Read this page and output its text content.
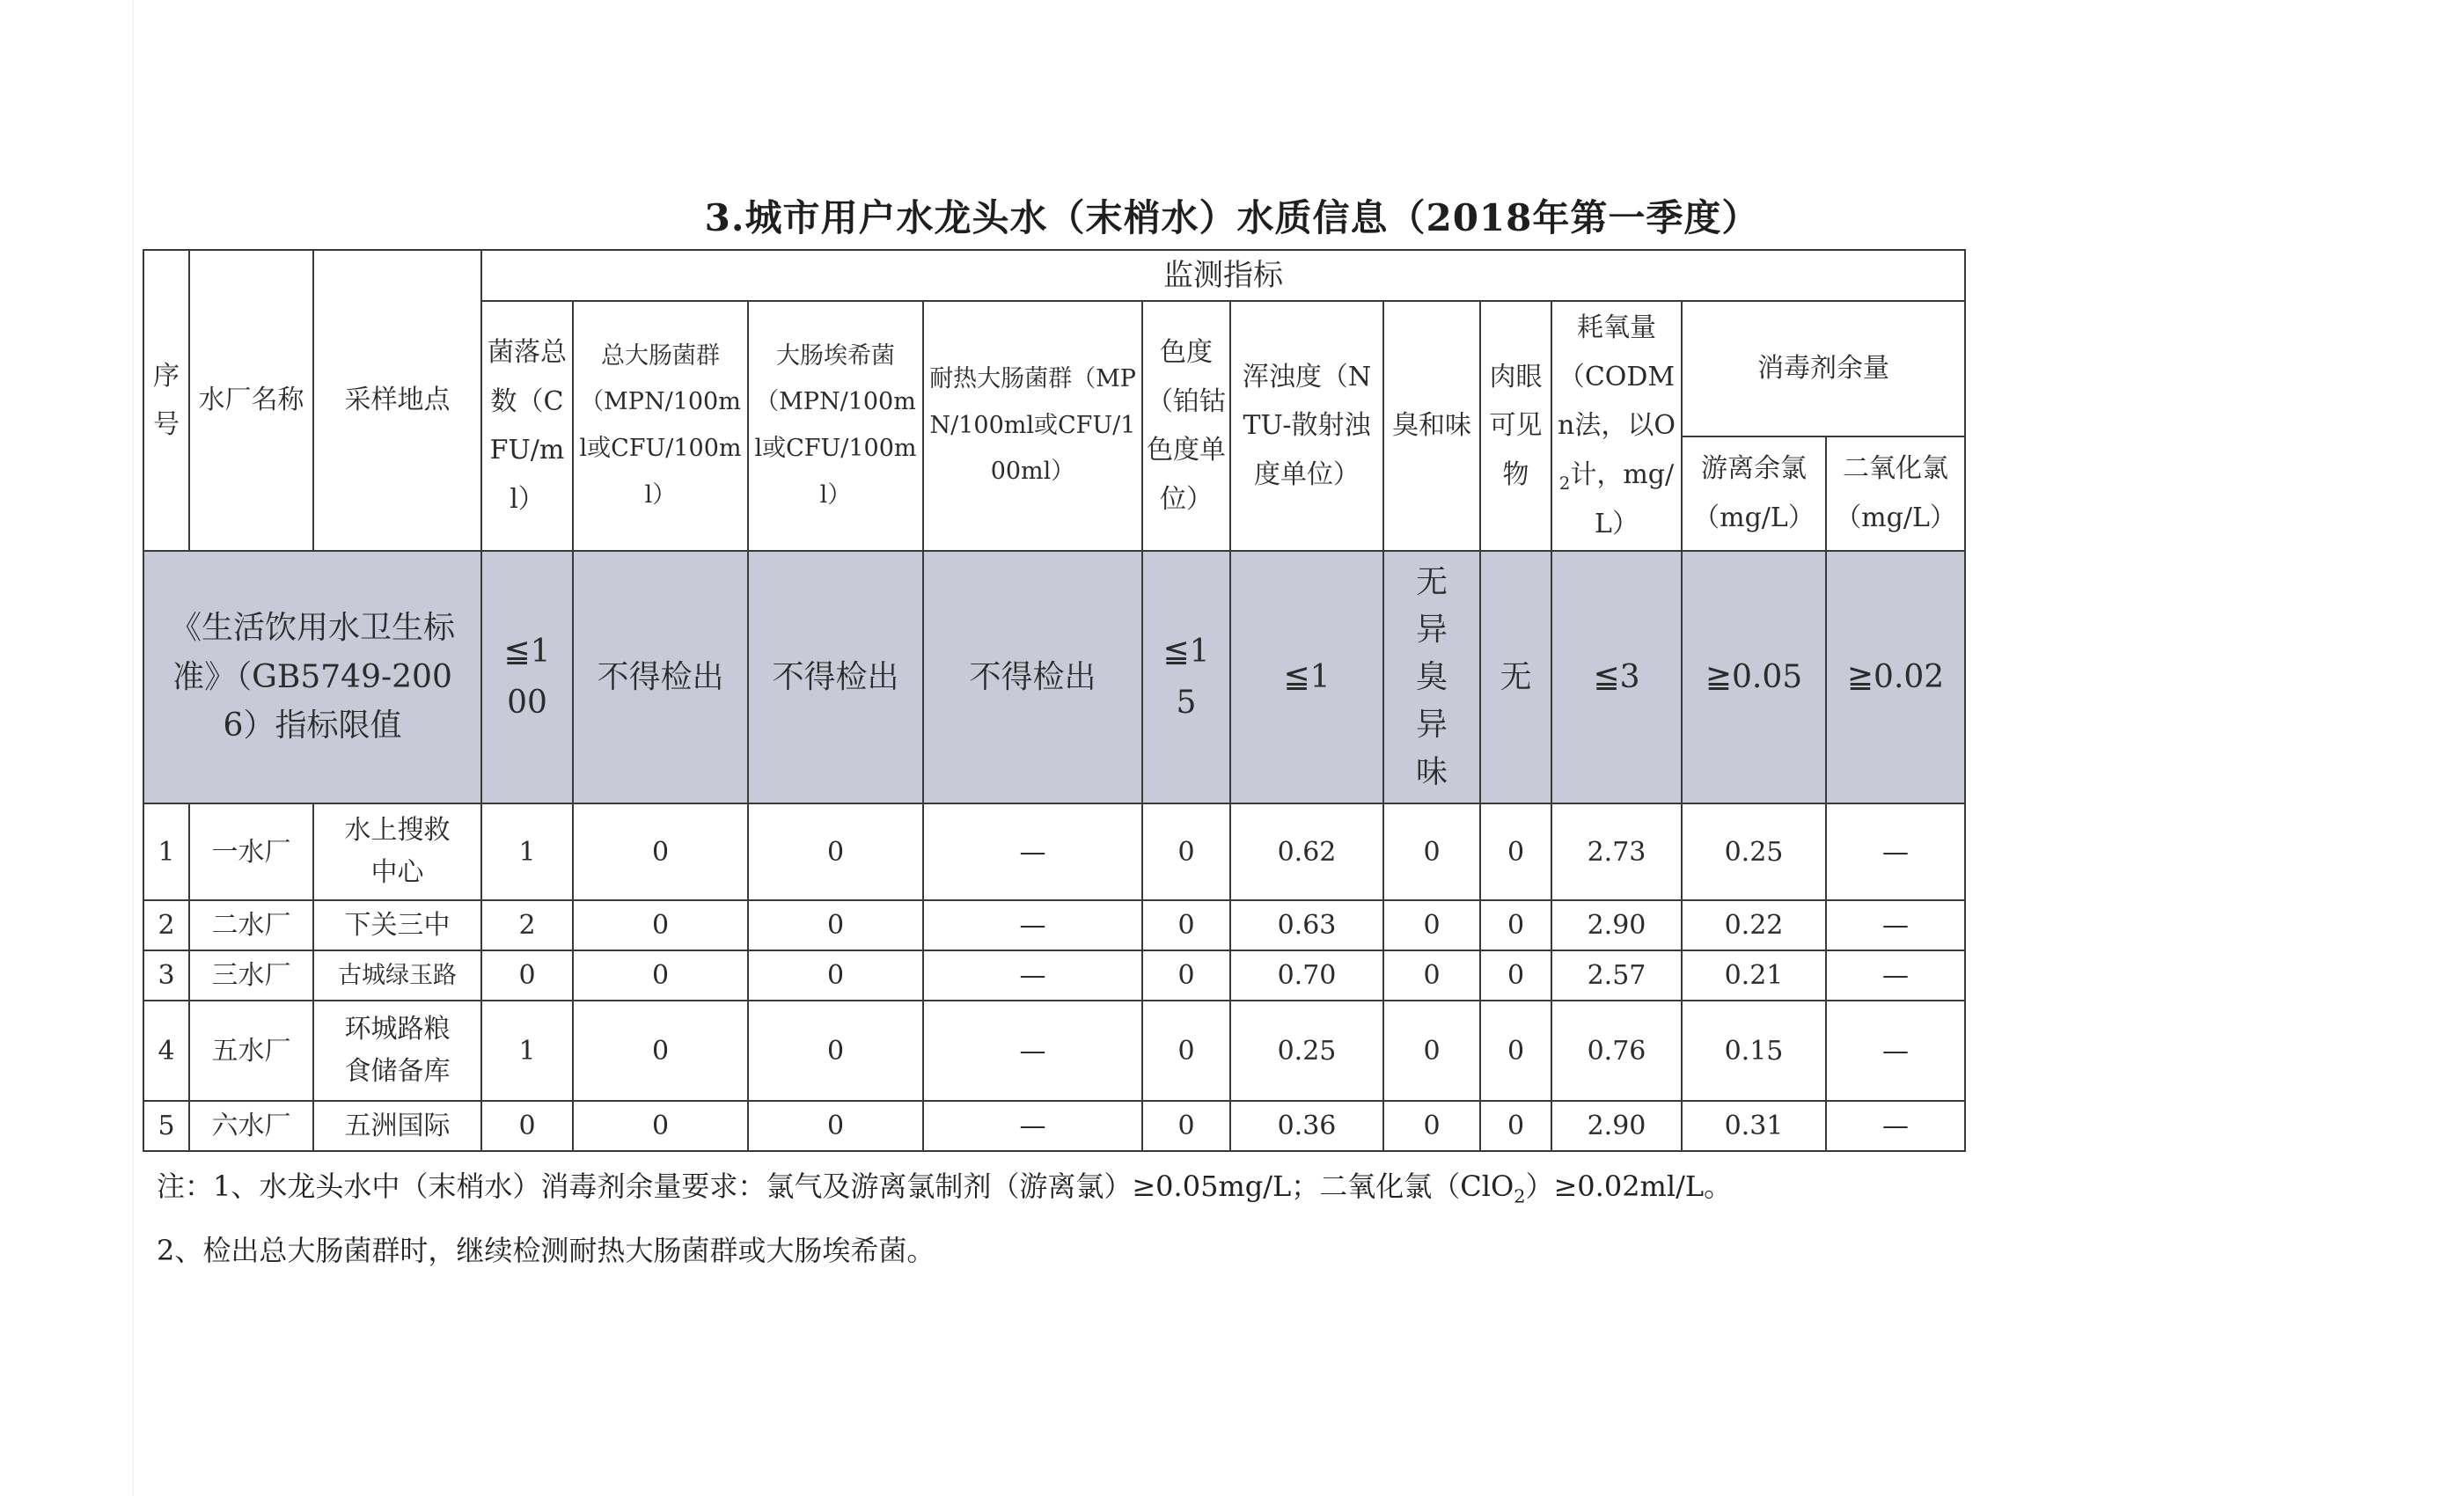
3.城市用户水龙头水（末梢水）水质信息（2018年第一季度）
序号	水厂名称	采样地点	监测指标										
			菌落总数（CFU/ml）	总大肠菌群（MPN/100ml或CFU/100ml）	大肠埃希菌（MPN/100ml或CFU/100ml）	耐热大肠菌群（MPN/100ml或CFU/100ml）	色度（铂钴色度单位）	浑浊度（NTU-散射浊度单位）	臭和味	肉眼可见物	耗氧量（CODMn法，以$O_2$计，mg/L）	消毒剂余量	
												游离余氯（mg/L）	二氧化氯（mg/L）
《生活饮用水卫生标准》（GB5749-2006）指标限值			≦100	不得检出	不得检出	不得检出	≦15	≦1	无异臭异味	无	≦3	≧0.05	≧0.02
1	一水厂	水上搜救中心	1	0	0	—	0	0.62	0	0	2.73	0.25	—
2	二水厂	下关三中	2	0	0	—	0	0.63	0	0	2.90	0.22	—
3	三水厂	古城绿玉路	0	0	0	—	0	0.70	0	0	2.57	0.21	—
4	五水厂	环城路粮食储备库	1	0	0	—	0	0.25	0	0	0.76	0.15	—
5	六水厂	五洲国际	0	0	0	—	0	0.36	0	0	2.90	0.31	—
注：1、水龙头水中（末梢水）消毒剂余量要求：氯气及游离氯制剂（游离氯）≥0.05mg/L；二氧化氯（ClO$_2$）≥0.02ml/L。
2、检出总大肠菌群时，继续检测耐热大肠菌群或大肠埃希菌。
